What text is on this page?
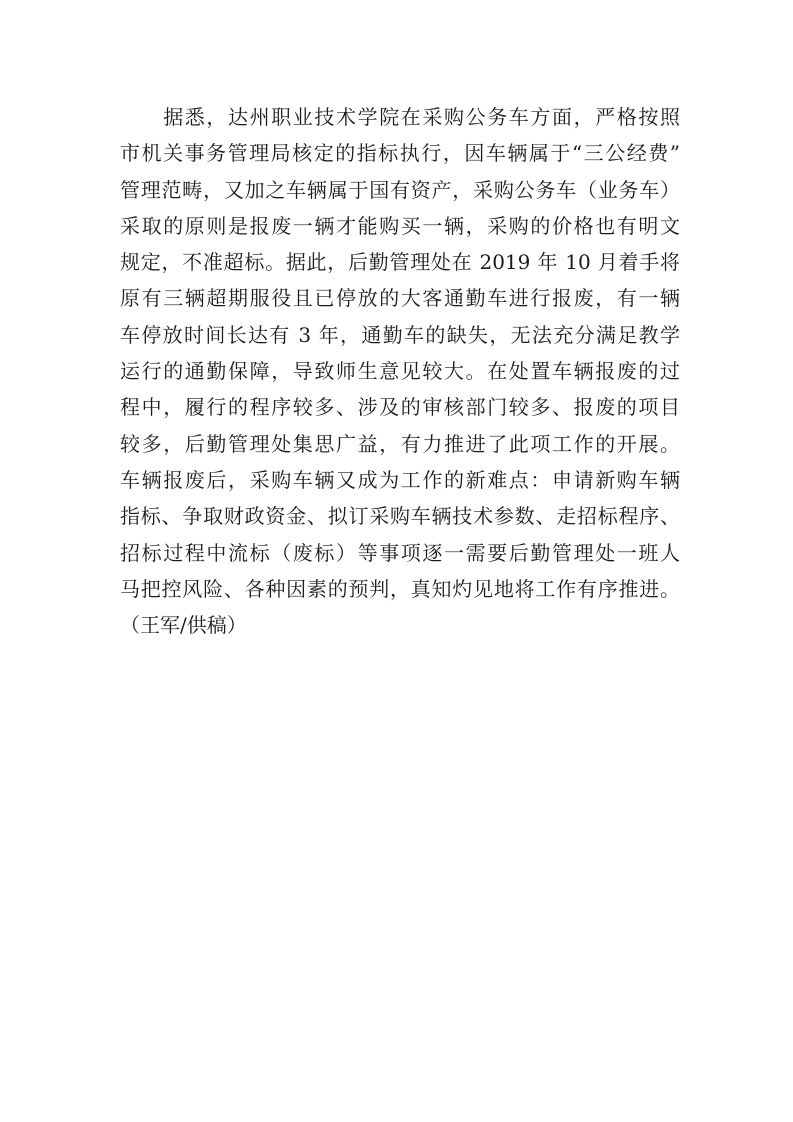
　　据悉，达州职业技术学院在采购公务车方面，严格按照
市机关事务管理局核定的指标执行，因车辆属于“三公经费”
管理范畴，又加之车辆属于国有资产，采购公务车（业务车）
采取的原则是报废一辆才能购买一辆，采购的价格也有明文
规定，不准超标。据此，后勤管理处在 2019 年 10 月着手将
原有三辆超期服役且已停放的大客通勤车进行报废，有一辆
车停放时间长达有 3 年，通勤车的缺失，无法充分满足教学
运行的通勤保障，导致师生意见较大。在处置车辆报废的过
程中，履行的程序较多、涉及的审核部门较多、报废的项目
较多，后勤管理处集思广益，有力推进了此项工作的开展。
车辆报废后，采购车辆又成为工作的新难点：申请新购车辆
指标、争取财政资金、拟订采购车辆技术参数、走招标程序、
招标过程中流标（废标）等事项逐一需要后勤管理处一班人
马把控风险、各种因素的预判，真知灼见地将工作有序推进。
（王军/供稿）
